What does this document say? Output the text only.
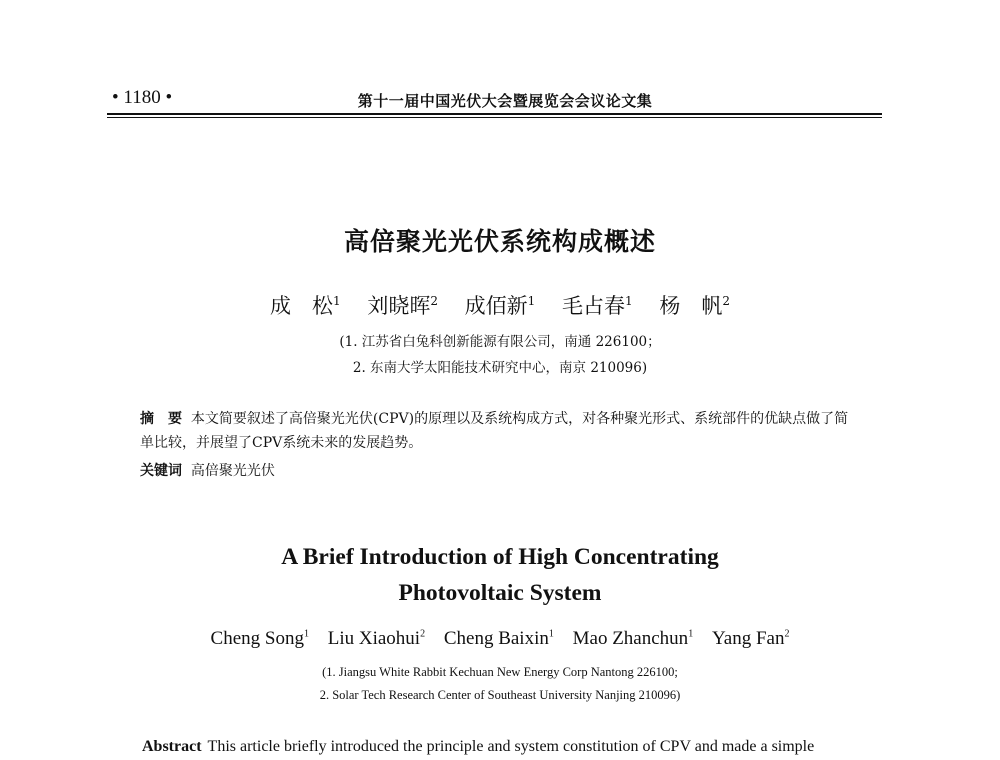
• 1180 •	第十一届中国光伏大会暨展览会会议论文集
高倍聚光光伏系统构成概述
成　松$^1$ 刘晓晖$^2$ 成佰新$^1$ 毛占春$^1$ 杨　帆$^2$
(1. 江苏省白兔科创新能源有限公司，南通 226100；
2. 东南大学太阳能技术研究中心，南京 210096)
摘　要 本文简要叙述了高倍聚光光伏(CPV)的原理以及系统构成方式，对各种聚光形式、系统部件的优缺点做了简单比较，并展望了CPV系统未来的发展趋势。
关键词 高倍聚光光伏
A Brief Introduction of High Concentrating
Photovoltaic System
Cheng Song$^1$ Liu Xiaohui$^2$ Cheng Baixin$^1$ Mao Zhanchun$^1$ Yang Fan$^2$
(1. Jiangsu White Rabbit Kechuan New Energy Corp Nantong 226100;
2. Solar Tech Research Center of Southeast University Nanjing 210096)
Abstract This article briefly introduced the principle and system constitution of CPV and made a simple
